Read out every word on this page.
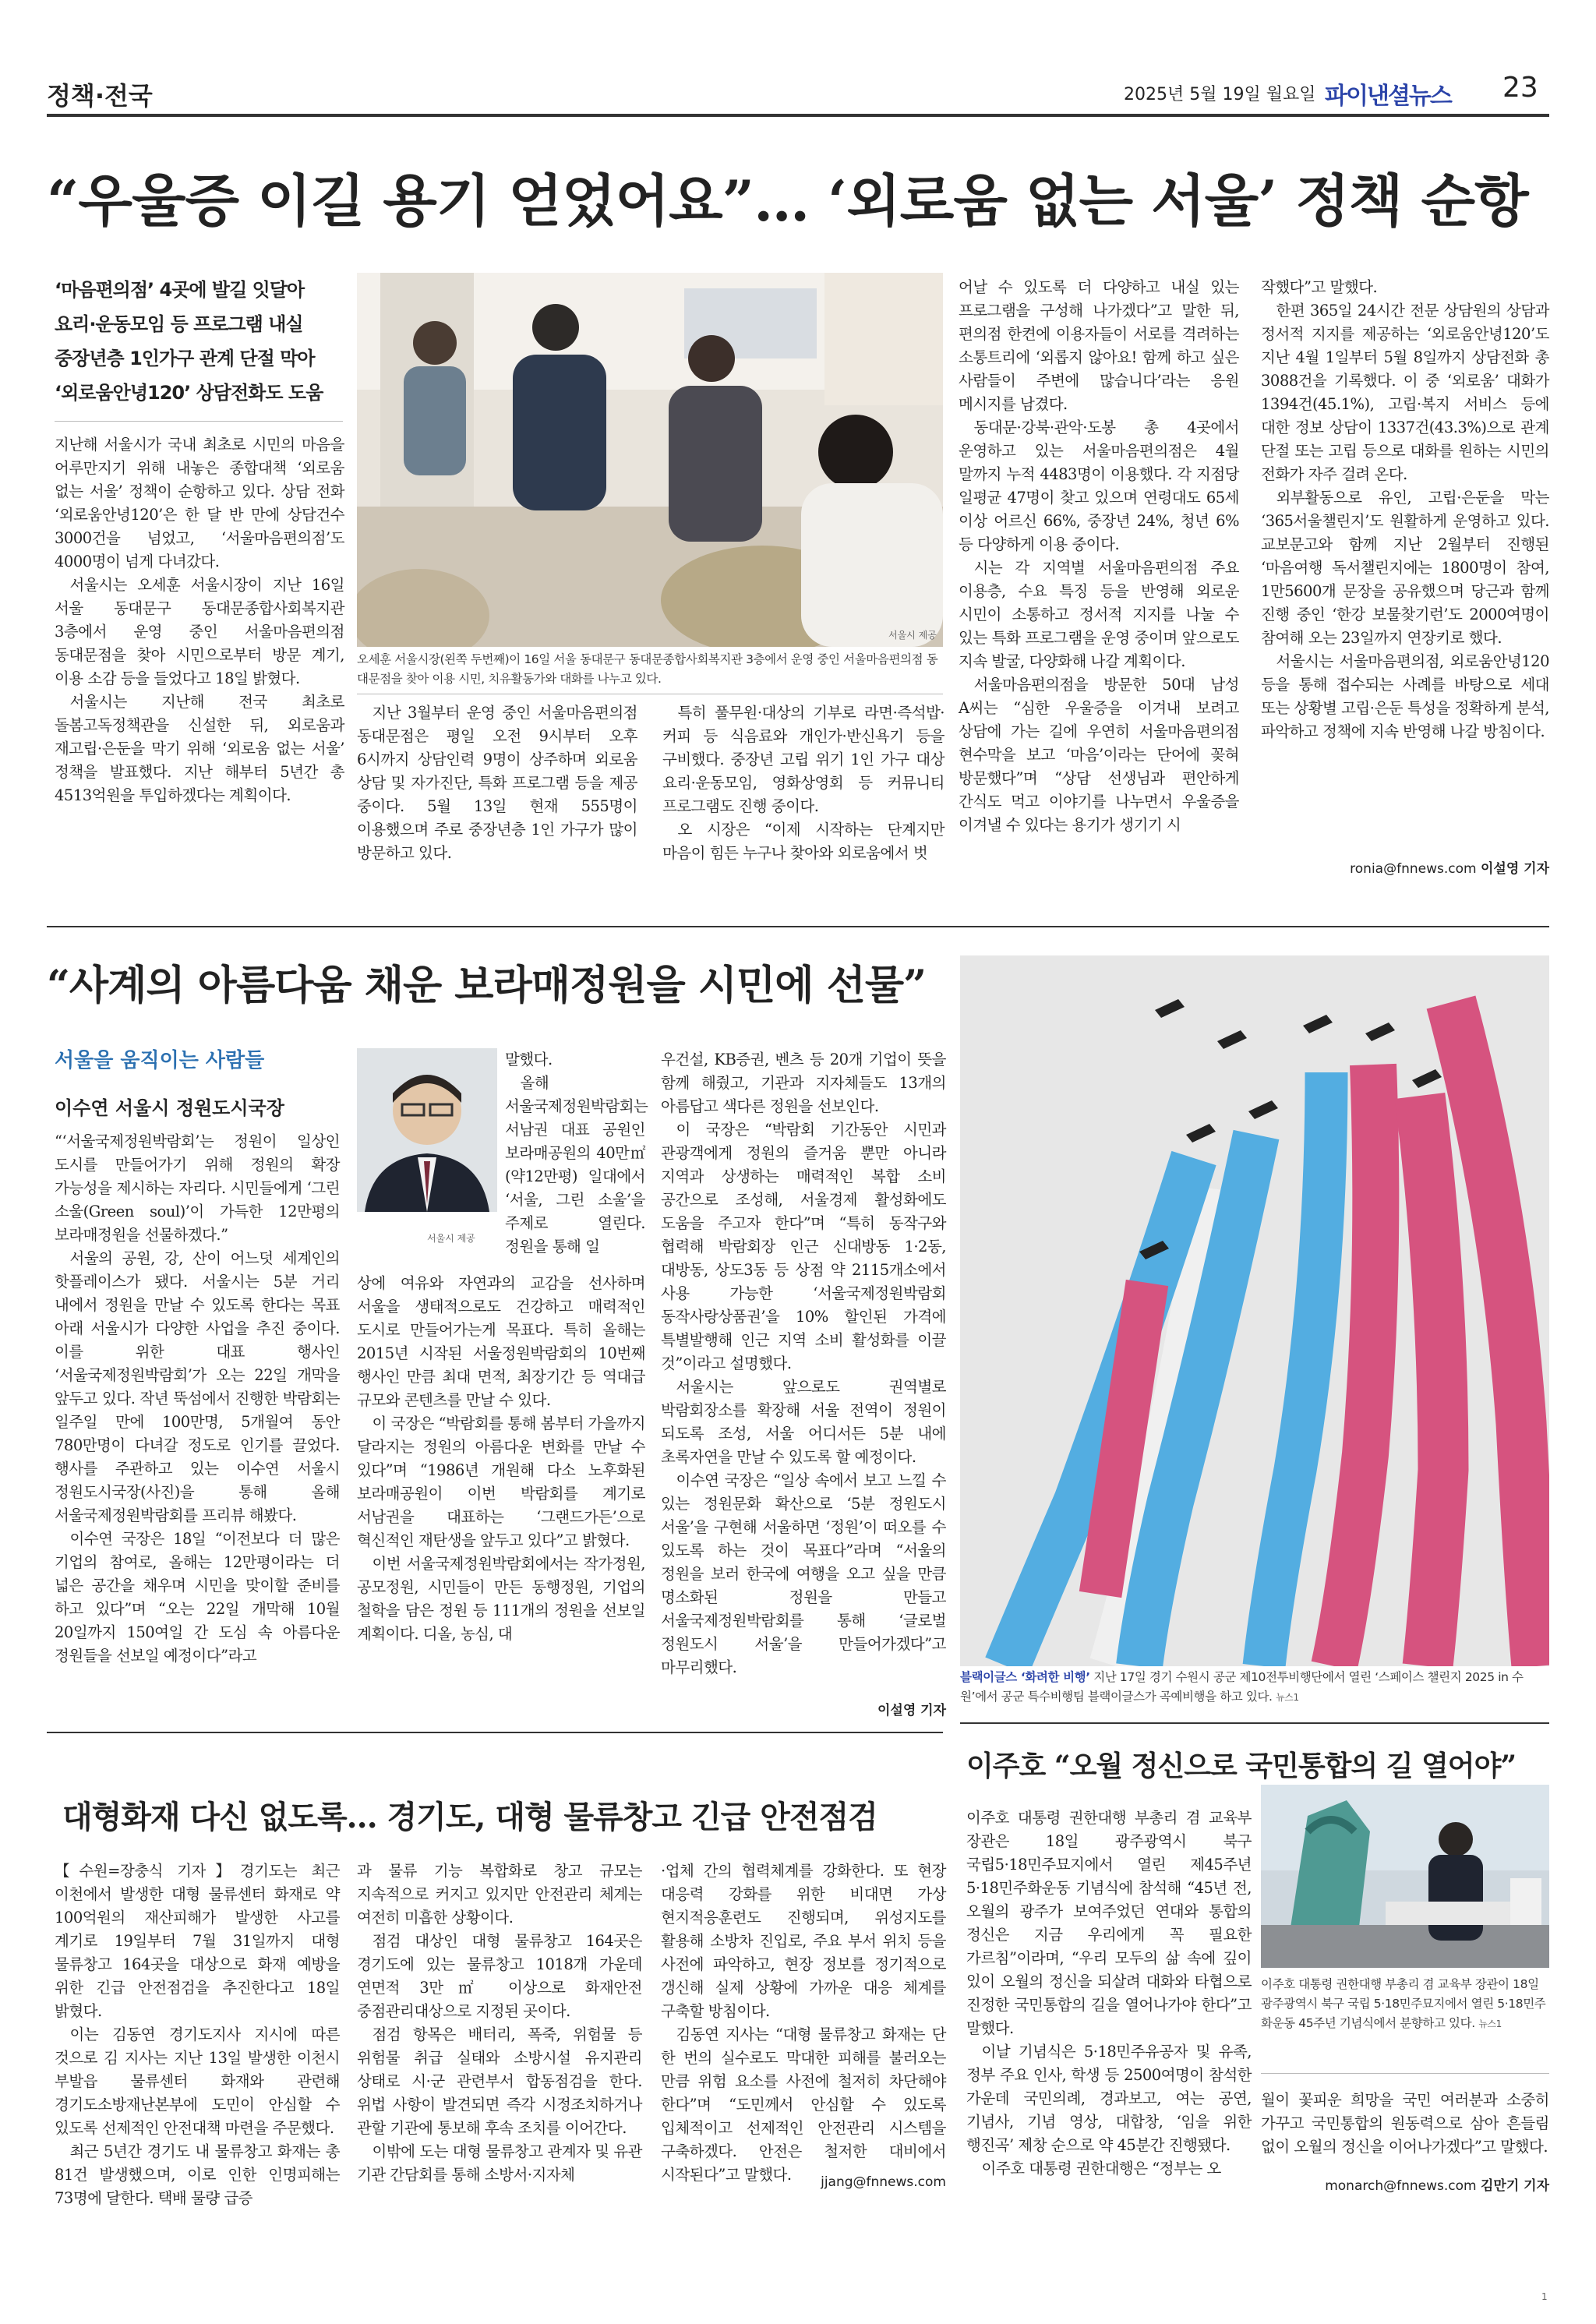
정책·전국	2025년 5월 19일 월요일 파이낸셜뉴스 23
“우울증 이길 용기 얻었어요”… ‘외로움 없는 서울’ 정책 순항
‘마음편의점’ 4곳에 발길 잇달아
요리·운동모임 등 프로그램 내실
중장년층 1인가구 관계 단절 막아
‘외로움안녕120’ 상담전화도 도움

지난해 서울시가 국내 최초로 시민의 마음을 어루만지기 위해 내놓은 종합대책 ‘외로움 없는 서울’ 정책이 순항하고 있다. 상담 전화 ‘외로움안녕120’은 한 달 반 만에 상담건수 3000건을 넘었고, ‘서울마음편의점’도 4000명이 넘게 다녀갔다.

서울시는 오세훈 서울시장이 지난 16일 서울 동대문구 동대문종합사회복지관 3층에서 운영 중인 서울마음편의점 동대문점을 찾아 시민으로부터 방문 계기, 이용 소감 등을 들었다고 18일 밝혔다.

서울시는 지난해 전국 최초로 돌봄고독정책관을 신설한 뒤, 외로움과 재고립·은둔을 막기 위해 ‘외로움 없는 서울’ 정책을 발표했다. 지난 해부터 5년간 총 4513억원을 투입하겠다는 계획이다.

서울시 제공
오세훈 서울시장(왼쪽 두번째)이 16일 서울 동대문구 동대문종합사회복지관 3층에서 운영 중인 서울마음편의점 동대문점을 찾아 이용 시민, 치유활동가와 대화를 나누고 있다.

지난 3월부터 운영 중인 서울마음편의점 동대문점은 평일 오전 9시부터 오후 6시까지 상담인력 9명이 상주하며 외로움 상담 및 자가진단, 특화 프로그램 등을 제공 중이다. 5월 13일 현재 555명이 이용했으며 주로 중장년층 1인 가구가 많이 방문하고 있다.

특히 풀무원·대상의 기부로 라면·즉석밥·커피 등 식음료와 개인가·반신욕기 등을 구비했다. 중장년 고립 위기 1인 가구 대상 요리·운동모임, 영화상영회 등 커뮤니티 프로그램도 진행 중이다.

오 시장은 “이제 시작하는 단계지만 마음이 힘든 누구나 찾아와 외로움에서 벗

어날 수 있도록 더 다양하고 내실 있는 프로그램을 구성해 나가겠다”고 말한 뒤, 편의점 한켠에 이용자들이 서로를 격려하는 소통트리에 ‘외롭지 않아요! 함께 하고 싶은 사람들이 주변에 많습니다’라는 응원 메시지를 남겼다.

동대문·강북·관악·도봉 총 4곳에서 운영하고 있는 서울마음편의점은 4월 말까지 누적 4483명이 이용했다. 각 지점당 일평균 47명이 찾고 있으며 연령대도 65세 이상 어르신 66%, 중장년 24%, 청년 6% 등 다양하게 이용 중이다.

시는 각 지역별 서울마음편의점 주요 이용층, 수요 특징 등을 반영해 외로운 시민이 소통하고 정서적 지지를 나눌 수 있는 특화 프로그램을 운영 중이며 앞으로도 지속 발굴, 다양화해 나갈 계획이다.

서울마음편의점을 방문한 50대 남성 A씨는 “심한 우울증을 이겨내 보려고 상담에 가는 길에 우연히 서울마음편의점 현수막을 보고 ‘마음’이라는 단어에 꽂혀 방문했다”며 “상담 선생님과 편안하게 간식도 먹고 이야기를 나누면서 우울증을 이겨낼 수 있다는 용기가 생기기 시

작했다”고 말했다.

한편 365일 24시간 전문 상담원의 상담과 정서적 지지를 제공하는 ‘외로움안녕120’도 지난 4월 1일부터 5월 8일까지 상담전화 총 3088건을 기록했다. 이 중 ‘외로움’ 대화가 1394건(45.1%), 고립·복지 서비스 등에 대한 정보 상담이 1337건(43.3%)으로 관계 단절 또는 고립 등으로 대화를 원하는 시민의 전화가 자주 걸려 온다.

외부활동으로 유인, 고립·은둔을 막는 ‘365서울챌린지’도 원활하게 운영하고 있다. 교보문고와 함께 지난 2월부터 진행된 ‘마음여행 독서챌린지에는 1800명이 참여, 1만5600개 문장을 공유했으며 당근과 함께 진행 중인 ‘한강 보물찾기런’도 2000여명이 참여해 오는 23일까지 연장키로 했다.

서울시는 서울마음편의점, 외로움안녕120 등을 통해 접수되는 사례를 바탕으로 세대 또는 상황별 고립·은둔 특성을 정확하게 분석, 파악하고 정책에 지속 반영해 나갈 방침이다.

ronia@fnnews.com 이설영 기자
“사계의 아름다움 채운 보라매정원을 시민에 선물”
서울을 움직이는 사람들
이수연 서울시 정원도시국장

“‘서울국제정원박람회’는 정원이 일상인 도시를 만들어가기 위해 정원의 확장 가능성을 제시하는 자리다. 시민들에게 ‘그린 소울(Green soul)’이 가득한 12만평의 보라매정원을 선물하겠다.”

서울의 공원, 강, 산이 어느덧 세계인의 핫플레이스가 됐다. 서울시는 5분 거리 내에서 정원을 만날 수 있도록 한다는 목표 아래 서울시가 다양한 사업을 추진 중이다. 이를 위한 대표 행사인 ‘서울국제정원박람회’가 오는 22일 개막을 앞두고 있다. 작년 뚝섬에서 진행한 박람회는 일주일 만에 100만명, 5개월여 동안 780만명이 다녀갈 정도로 인기를 끌었다. 행사를 주관하고 있는 이수연 서울시 정원도시국장(사진)을 통해 올해 서울국제정원박람회를 프리뷰 해봤다.

이수연 국장은 18일 “이전보다 더 많은 기업의 참여로, 올해는 12만평이라는 더 넓은 공간을 채우며 시민을 맞이할 준비를 하고 있다”며 “오는 22일 개막해 10월 20일까지 150여일 간 도심 속 아름다운 정원들을 선보일 예정이다”라고

서울시 제공

말했다.

올해 서울국제정원박람회는 서남권 대표 공원인 보라매공원의 40만㎡(약12만평) 일대에서 ‘서울, 그린 소울’을 주제로 열린다. 정원을 통해 일

상에 여유와 자연과의 교감을 선사하며 서울을 생태적으로도 건강하고 매력적인 도시로 만들어가는게 목표다. 특히 올해는 2015년 시작된 서울정원박람회의 10번째 행사인 만큼 최대 면적, 최장기간 등 역대급 규모와 콘텐츠를 만날 수 있다.

이 국장은 “박람회를 통해 봄부터 가을까지 달라지는 정원의 아름다운 변화를 만날 수 있다”며 “1986년 개원해 다소 노후화된 보라매공원이 이번 박람회를 계기로 서남권을 대표하는 ‘그랜드가든’으로 혁신적인 재탄생을 앞두고 있다”고 밝혔다.

이번 서울국제정원박람회에서는 작가정원, 공모정원, 시민들이 만든 동행정원, 기업의 철학을 담은 정원 등 111개의 정원을 선보일 계획이다. 디올, 농심, 대

우건설, KB증권, 벤츠 등 20개 기업이 뜻을 함께 해줬고, 기관과 지자체들도 13개의 아름답고 색다른 정원을 선보인다.

이 국장은 “박람회 기간동안 시민과 관광객에게 정원의 즐거움 뿐만 아니라 지역과 상생하는 매력적인 복합 소비 공간으로 조성해, 서울경제 활성화에도 도움을 주고자 한다”며 “특히 동작구와 협력해 박람회장 인근 신대방동 1·2동, 대방동, 상도3동 등 상점 약 2115개소에서 사용 가능한 ‘서울국제정원박람회 동작사랑상품권’을 10% 할인된 가격에 특별발행해 인근 지역 소비 활성화를 이끌 것”이라고 설명했다.

서울시는 앞으로도 권역별로 박람회장소를 확장해 서울 전역이 정원이 되도록 조성, 서울 어디서든 5분 내에 초록자연을 만날 수 있도록 할 예정이다.

이수연 국장은 “일상 속에서 보고 느낄 수 있는 정원문화 확산으로 ‘5분 정원도시 서울’을 구현해 서울하면 ‘정원’이 떠오를 수 있도록 하는 것이 목표다”라며 “서울의 정원을 보러 한국에 여행을 오고 싶을 만큼 명소화된 정원을 만들고 서울국제정원박람회를 통해 ‘글로벌 정원도시 서울’을 만들어가겠다”고 마무리했다.

이설영 기자
블랙이글스 ‘화려한 비행’ 지난 17일 경기 수원시 공군 제10전투비행단에서 열린 ‘스페이스 챌린지 2025 in 수원’에서 공군 특수비행팀 블랙이글스가 곡예비행을 하고 있다. 뉴스1
대형화재 다신 없도록… 경기도, 대형 물류창고 긴급 안전점검

【수원=장충식 기자】경기도는 최근 이천에서 발생한 대형 물류센터 화재로 약 100억원의 재산피해가 발생한 사고를 계기로 19일부터 7월 31일까지 대형 물류창고 164곳을 대상으로 화재 예방을 위한 긴급 안전점검을 추진한다고 18일 밝혔다.

이는 김동연 경기도지사 지시에 따른 것으로 김 지사는 지난 13일 발생한 이천시 부발읍 물류센터 화재와 관련해 경기도소방재난본부에 도민이 안심할 수 있도록 선제적인 안전대책 마련을 주문했다.

최근 5년간 경기도 내 물류창고 화재는 총 81건 발생했으며, 이로 인한 인명피해는 73명에 달한다. 택배 물량 급증

과 물류 기능 복합화로 창고 규모는 지속적으로 커지고 있지만 안전관리 체계는 여전히 미흡한 상황이다.

점검 대상인 대형 물류창고 164곳은 경기도에 있는 물류창고 1018개 가운데 연면적 3만㎡ 이상으로 화재안전 중점관리대상으로 지정된 곳이다.

점검 항목은 배터리, 폭죽, 위험물 등 위험물 취급 실태와 소방시설 유지관리 상태로 시·군 관련부서 합동점검을 한다. 위법 사항이 발견되면 즉각 시정조치하거나 관할 기관에 통보해 후속 조치를 이어간다.

이밖에 도는 대형 물류창고 관계자 및 유관 기관 간담회를 통해 소방서·지자체

·업체 간의 협력체계를 강화한다. 또 현장 대응력 강화를 위한 비대면 가상 현지적응훈련도 진행되며, 위성지도를 활용해 소방차 진입로, 주요 부서 위치 등을 사전에 파악하고, 현장 정보를 정기적으로 갱신해 실제 상황에 가까운 대응 체계를 구축할 방침이다.

김동연 지사는 “대형 물류창고 화재는 단 한 번의 실수로도 막대한 피해를 불러오는 만큼 위험 요소를 사전에 철저히 차단해야 한다”며 “도민께서 안심할 수 있도록 입체적이고 선제적인 안전관리 시스템을 구축하겠다. 안전은 철저한 대비에서 시작된다”고 말했다.	jjang@fnnews.com
이주호 “오월 정신으로 국민통합의 길 열어야”

이주호 대통령 권한대행 부총리 겸 교육부 장관은 18일 광주광역시 북구 국립5·18민주묘지에서 열린 제45주년 5·18민주화운동 기념식에 참석해 “45년 전, 오월의 광주가 보여주었던 연대와 통합의 정신은 지금 우리에게 꼭 필요한 가르침”이라며, “우리 모두의 삶 속에 깊이 있이 오월의 정신을 되살려 대화와 타협으로 진정한 국민통합의 길을 열어나가야 한다”고 말했다.

이날 기념식은 5·18민주유공자 및 유족, 정부 주요 인사, 학생 등 2500여명이 참석한 가운데 국민의례, 경과보고, 여는 공연, 기념사, 기념 영상, 대합창, ‘임을 위한 행진곡’ 제창 순으로 약 45분간 진행됐다.

이주호 대통령 권한대행은 “정부는 오

이주호 대통령 권한대행 부총리 겸 교육부 장관이 18일 광주광역시 북구 국립 5·18민주묘지에서 열린 5·18민주화운동 45주년 기념식에서 분향하고 있다. 뉴스1

월이 꽃피운 희망을 국민 여러분과 소중히 가꾸고 국민통합의 원동력으로 삼아 흔들림 없이 오월의 정신을 이어나가겠다”고 말했다.

monarch@fnnews.com 김만기 기자
1
